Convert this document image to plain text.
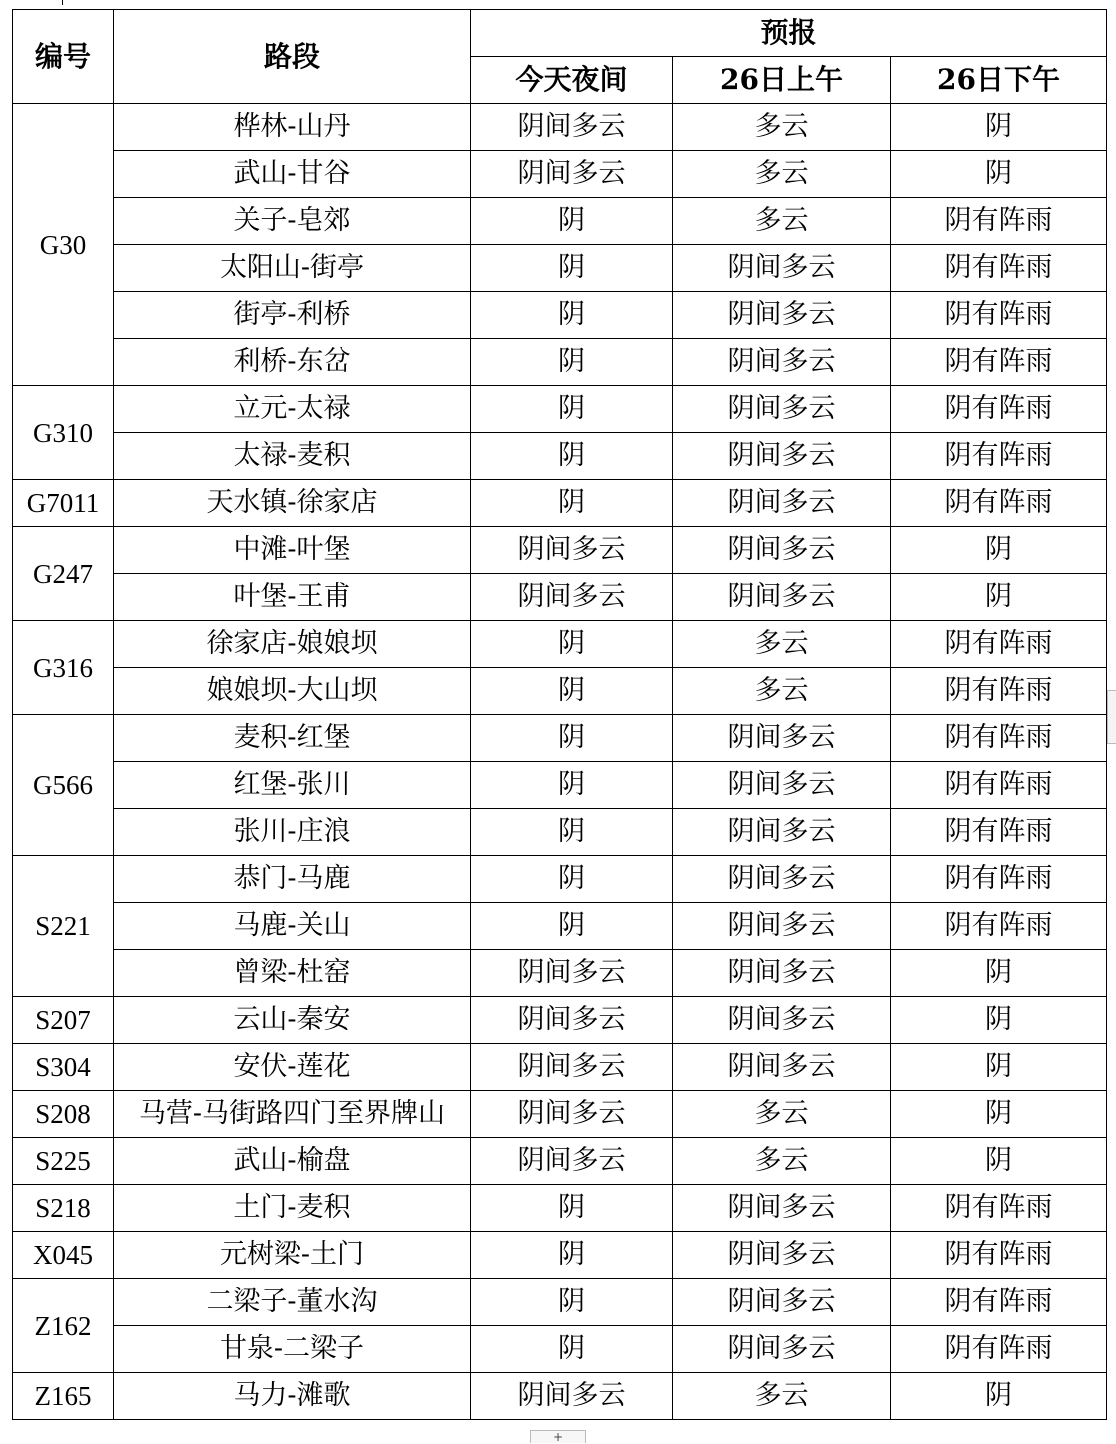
编号	路段	预报		
		今天夜间	26日上午	26日下午
G30	桦林-山丹	阴间多云	多云	阴
	武山-甘谷	阴间多云	多云	阴
	关子-皂郊	阴	多云	阴有阵雨
	太阳山-街亭	阴	阴间多云	阴有阵雨
	街亭-利桥	阴	阴间多云	阴有阵雨
	利桥-东岔	阴	阴间多云	阴有阵雨
G310	立元-太禄	阴	阴间多云	阴有阵雨
	太禄-麦积	阴	阴间多云	阴有阵雨
G7011	天水镇-徐家店	阴	阴间多云	阴有阵雨
G247	中滩-叶堡	阴间多云	阴间多云	阴
	叶堡-王甫	阴间多云	阴间多云	阴
G316	徐家店-娘娘坝	阴	多云	阴有阵雨
	娘娘坝-大山坝	阴	多云	阴有阵雨
G566	麦积-红堡	阴	阴间多云	阴有阵雨
	红堡-张川	阴	阴间多云	阴有阵雨
	张川-庄浪	阴	阴间多云	阴有阵雨
S221	恭门-马鹿	阴	阴间多云	阴有阵雨
	马鹿-关山	阴	阴间多云	阴有阵雨
	曾梁-杜窑	阴间多云	阴间多云	阴
S207	云山-秦安	阴间多云	阴间多云	阴
S304	安伏-莲花	阴间多云	阴间多云	阴
S208	马营-马街路四门至界牌山	阴间多云	多云	阴
S225	武山-榆盘	阴间多云	多云	阴
S218	土门-麦积	阴	阴间多云	阴有阵雨
X045	元树梁-土门	阴	阴间多云	阴有阵雨
Z162	二梁子-董水沟	阴	阴间多云	阴有阵雨
	甘泉-二梁子	阴	阴间多云	阴有阵雨
Z165	马力-滩歌	阴间多云	多云	阴
+
